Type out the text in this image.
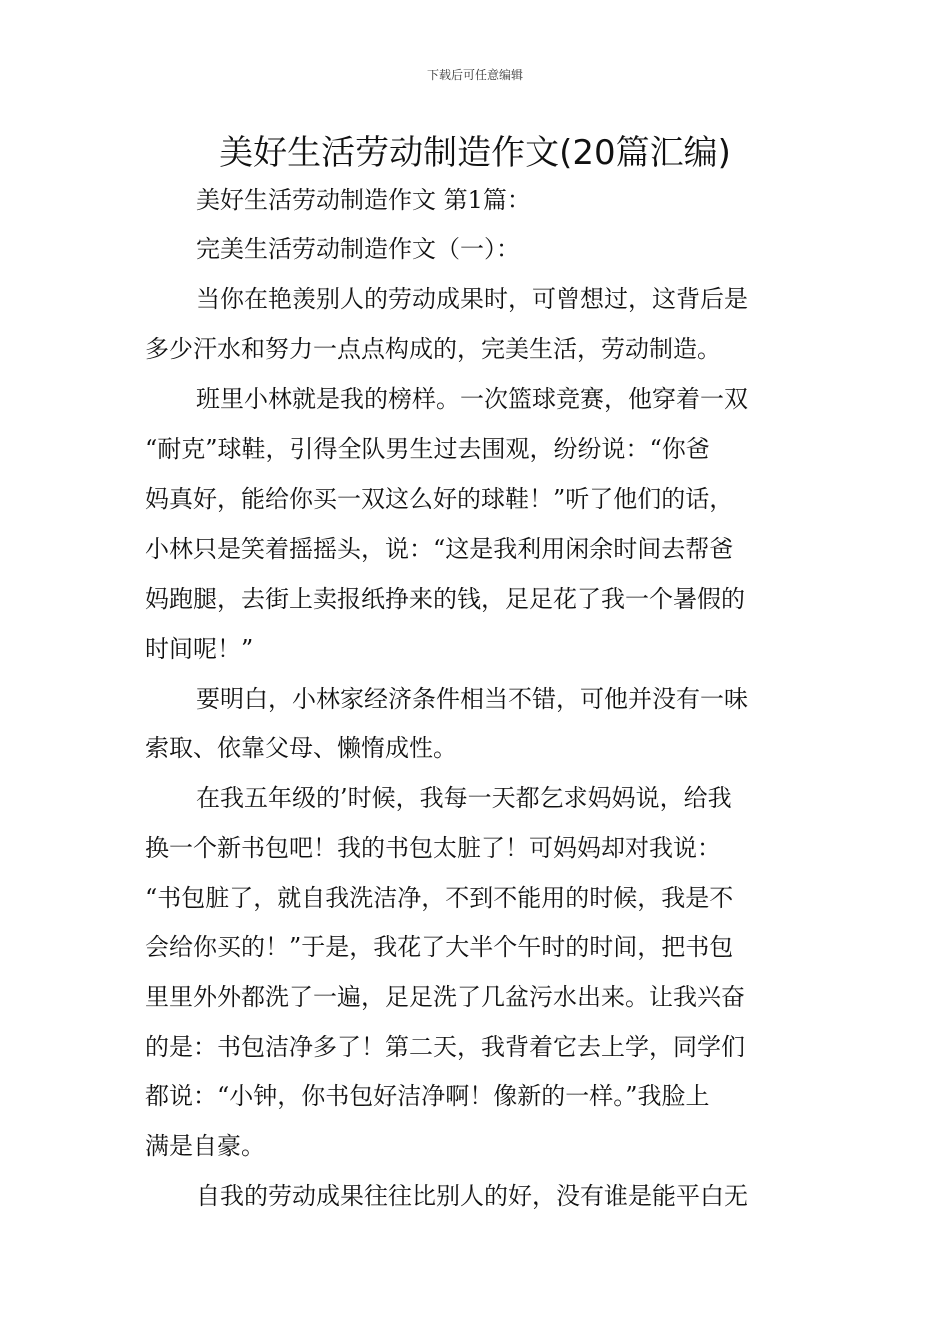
下载后可任意编辑
美好生活劳动制造作文(20篇汇编)
美好生活劳动制造作文 第1篇：
完美生活劳动制造作文（一）：
当你在艳羡别人的劳动成果时，可曾想过，这背后是
多少汗水和努力一点点构成的，完美生活，劳动制造。
班里小林就是我的榜样。一次篮球竞赛，他穿着一双
“耐克”球鞋，引得全队男生过去围观，纷纷说：“你爸
妈真好，能给你买一双这么好的球鞋！”听了他们的话，
小林只是笑着摇摇头，说：“这是我利用闲余时间去帮爸
妈跑腿，去街上卖报纸挣来的钱，足足花了我一个暑假的
时间呢！”
要明白，小林家经济条件相当不错，可他并没有一味
索取、依靠父母、懒惰成性。
在我五年级的’时候，我每一天都乞求妈妈说，给我
换一个新书包吧！我的书包太脏了！可妈妈却对我说：
“书包脏了，就自我洗洁净，不到不能用的时候，我是不
会给你买的！”于是，我花了大半个午时的时间，把书包
里里外外都洗了一遍，足足洗了几盆污水出来。让我兴奋
的是：书包洁净多了！第二天，我背着它去上学，同学们
都说：“小钟，你书包好洁净啊！像新的一样。”我脸上
满是自豪。
自我的劳动成果往往比别人的好，没有谁是能平白无
